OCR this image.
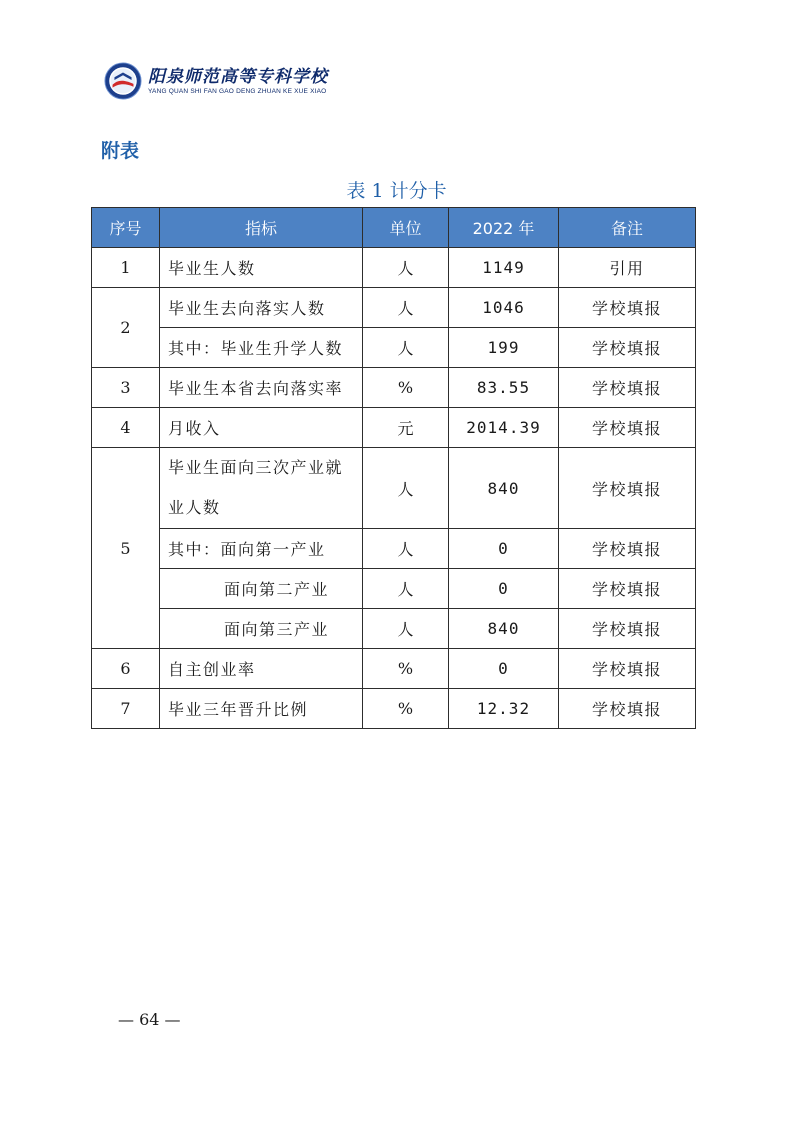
阳泉师范高等专科学校
YANG QUAN SHI FAN GAO DENG ZHUAN KE XUE XIAO
附表
表 1 计分卡
序号	指标	单位	2022 年	备注
1	毕业生人数	人	1149	引用
2	毕业生去向落实人数	人	1046	学校填报
	其中：毕业生升学人数	人	199	学校填报
3	毕业生本省去向落实率	%	83.55	学校填报
4	月收入	元	2014.39	学校填报
5	毕业生面向三次产业就业人数	人	840	学校填报
	其中：面向第一产业	人	0	学校填报
	面向第二产业	人	0	学校填报
	面向第三产业	人	840	学校填报
6	自主创业率	%	0	学校填报
7	毕业三年晋升比例	%	12.32	学校填报
— 64 —
